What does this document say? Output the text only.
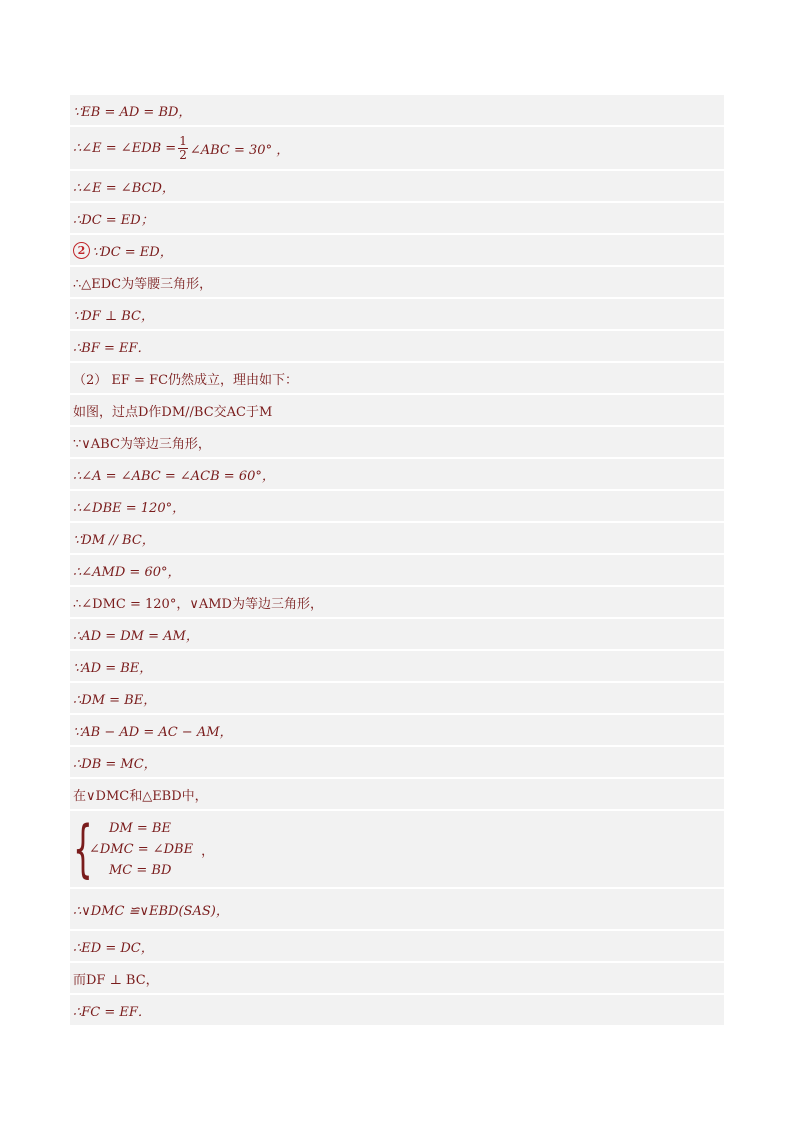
∵EB = AD = BD，
∴∠E = ∠EDB = $\frac{1}{2}$ ∠ABC = 30° ，
∴∠E = ∠BCD，
∴DC = ED；
2 ∵DC = ED，
∴△EDC为等腰三角形，
∵DF ⊥ BC，
∴BF = EF．
（2） EF = FC仍然成立，理由如下：
如图，过点D作DM//BC交AC于M
∵∨ABC为等边三角形，
∴∠A = ∠ABC = ∠ACB = 60°，
∴∠DBE = 120°，
∵DM // BC，
∴∠AMD = 60°，
∴∠DMC = 120°，∨AMD为等边三角形，
∴AD = DM = AM，
∵AD = BE，
∴DM = BE，
∵AB − AD = AC − AM，
∴DB = MC，
在∨DMC和△EBD中，
{	DM = BE
∠DMC = ∠DBE
MC = BD
，
∴∨DMC ≌∨EBD(SAS)，
∴ED = DC，
而DF ⊥ BC，
∴FC = EF．
